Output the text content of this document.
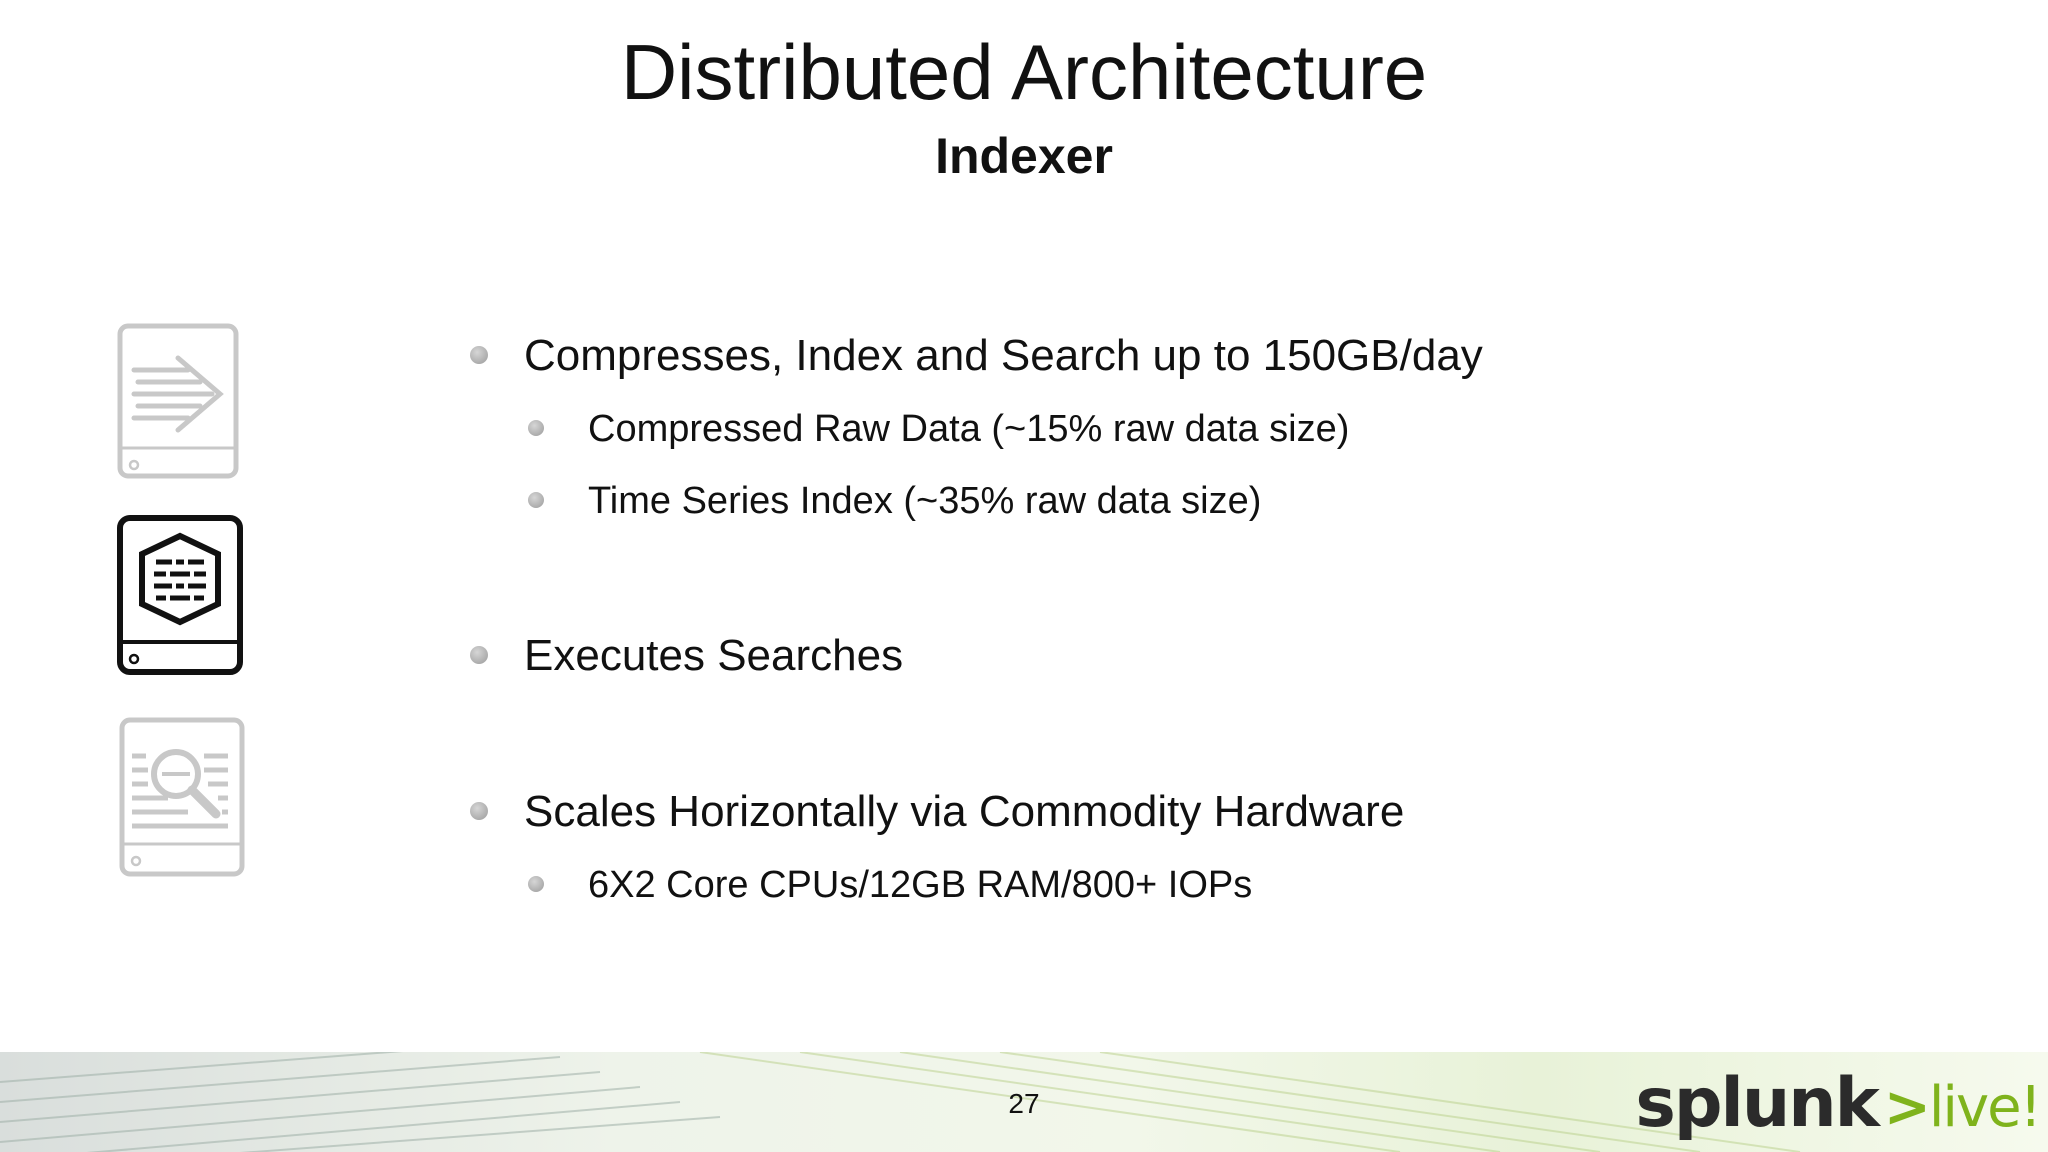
Distributed Architecture
Indexer
Compresses, Index and Search up to 150GB/day
Compressed Raw Data (~15% raw data size)
Time Series Index (~35% raw data size)
Executes Searches
Scales Horizontally via Commodity Hardware
6X2 Core CPUs/12GB RAM/800+ IOPs
27	splunk >live!
